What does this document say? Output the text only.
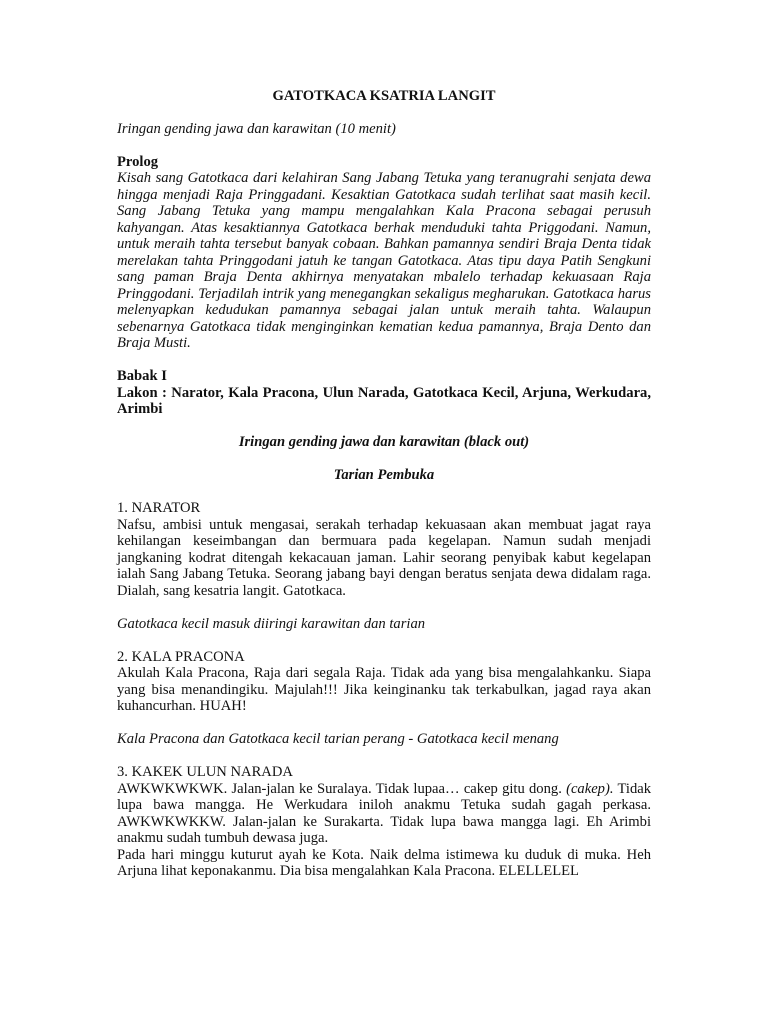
GATOTKACA KSATRIA LANGIT

Iringan gending jawa dan karawitan (10 menit)

Prolog

Kisah sang Gatotkaca dari kelahiran Sang Jabang Tetuka yang teranugrahi senjata dewa hingga menjadi Raja Pringgadani. Kesaktian Gatotkaca sudah terlihat saat masih kecil. Sang Jabang Tetuka yang mampu mengalahkan Kala Pracona sebagai perusuh kahyangan. Atas kesaktiannya Gatotkaca berhak menduduki tahta Priggodani. Namun, untuk meraih tahta tersebut banyak cobaan. Bahkan pamannya sendiri Braja Denta tidak merelakan tahta Pringgodani jatuh ke tangan Gatotkaca. Atas tipu daya Patih Sengkuni sang paman Braja Denta akhirnya menyatakan mbalelo terhadap kekuasaan Raja Pringgodani. Terjadilah intrik yang menegangkan sekaligus megharukan. Gatotkaca harus melenyapkan kedudukan pamannya sebagai jalan untuk meraih tahta. Walaupun sebenarnya Gatotkaca tidak menginginkan kematian kedua pamannya, Braja Dento dan Braja Musti.

Babak I

Lakon : Narator, Kala Pracona, Ulun Narada, Gatotkaca Kecil, Arjuna, Werkudara, Arimbi

Iringan gending jawa dan karawitan (black out)

Tarian Pembuka

1. NARATOR

Nafsu, ambisi untuk mengasai, serakah terhadap kekuasaan akan membuat jagat raya kehilangan keseimbangan dan bermuara pada kegelapan. Namun sudah menjadi jangkaning kodrat ditengah kekacauan jaman. Lahir seorang penyibak kabut kegelapan ialah Sang Jabang Tetuka. Seorang jabang bayi dengan beratus senjata dewa didalam raga. Dialah, sang kesatria langit. Gatotkaca.

Gatotkaca kecil masuk diiringi karawitan dan tarian

2. KALA PRACONA

Akulah Kala Pracona, Raja dari segala Raja. Tidak ada yang bisa mengalahkanku. Siapa yang bisa menandingiku. Majulah!!! Jika keinginanku tak terkabulkan, jagad raya akan kuhancurhan. HUAH!

Kala Pracona dan Gatotkaca kecil tarian perang - Gatotkaca kecil menang

3. KAKEK ULUN NARADA

AWKWKWKWK. Jalan-jalan ke Suralaya. Tidak lupaa… cakep gitu dong. (cakep). Tidak lupa bawa mangga. He Werkudara iniloh anakmu Tetuka sudah gagah perkasa. AWKWKWKKW. Jalan-jalan ke Surakarta. Tidak lupa bawa mangga lagi. Eh Arimbi anakmu sudah tumbuh dewasa juga.

Pada hari minggu kuturut ayah ke Kota. Naik delma istimewa ku duduk di muka. Heh Arjuna lihat keponakanmu. Dia bisa mengalahkan Kala Pracona. ELELLELEL
